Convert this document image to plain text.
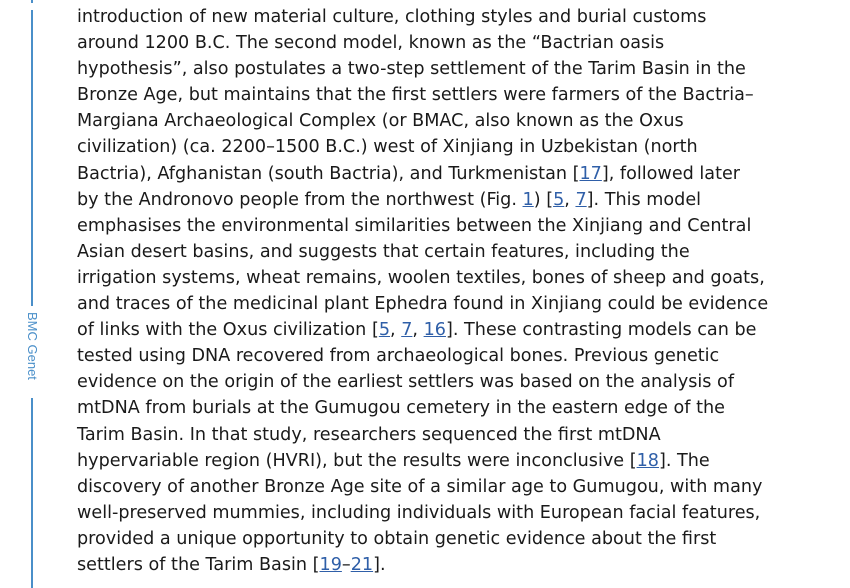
BMC Genet

introduction of new material culture, clothing styles and burial customs
around 1200 B.C. The second model, known as the “Bactrian oasis
hypothesis”, also postulates a two-step settlement of the Tarim Basin in the
Bronze Age, but maintains that the first settlers were farmers of the Bactria–
Margiana Archaeological Complex (or BMAC, also known as the Oxus
civilization) (ca. 2200–1500 B.C.) west of Xinjiang in Uzbekistan (north
Bactria), Afghanistan (south Bactria), and Turkmenistan [17], followed later
by the Andronovo people from the northwest (Fig. 1) [5, 7]. This model
emphasises the environmental similarities between the Xinjiang and Central
Asian desert basins, and suggests that certain features, including the
irrigation systems, wheat remains, woolen textiles, bones of sheep and goats,
and traces of the medicinal plant Ephedra found in Xinjiang could be evidence
of links with the Oxus civilization [5, 7, 16]. These contrasting models can be
tested using DNA recovered from archaeological bones. Previous genetic
evidence on the origin of the earliest settlers was based on the analysis of
mtDNA from burials at the Gumugou cemetery in the eastern edge of the
Tarim Basin. In that study, researchers sequenced the first mtDNA
hypervariable region (HVRI), but the results were inconclusive [18]. The
discovery of another Bronze Age site of a similar age to Gumugou, with many
well-preserved mummies, including individuals with European facial features,
provided a unique opportunity to obtain genetic evidence about the first
settlers of the Tarim Basin [19–21].
